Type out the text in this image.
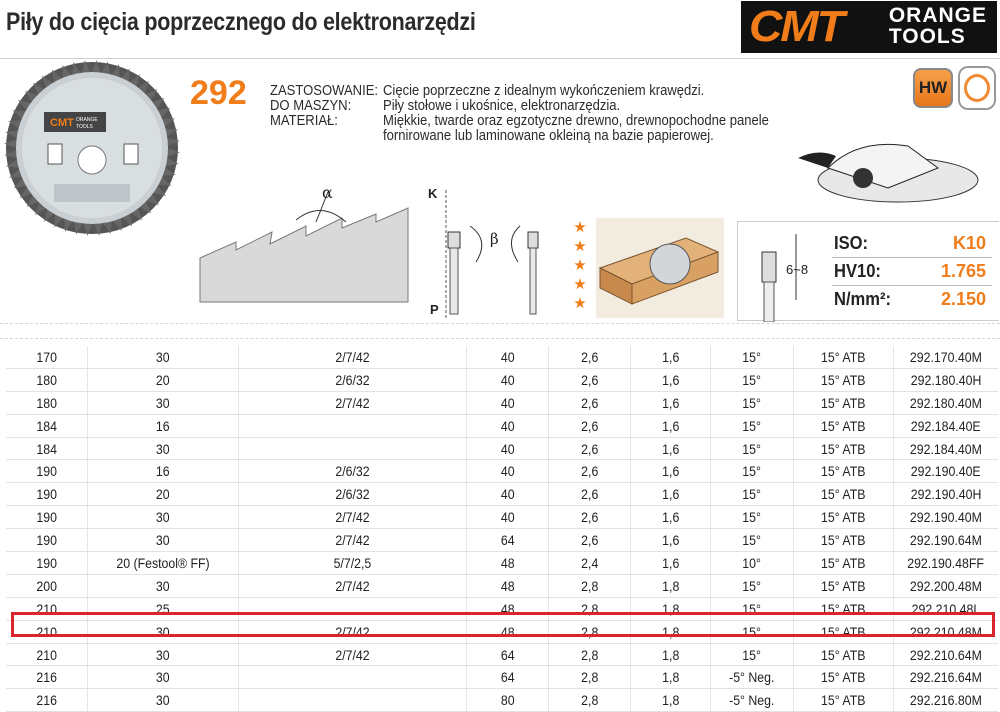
Piły do cięcia poprzecznego do elektronarzędzi	CMT ORANGE
TOOLS
CMT ORANGE
TOOLS
292 ZASTOSOWANIE: Cięcie poprzeczne z idealnym wykończeniem krawędzi.
DO MASZYN: Piły stołowe i ukośnice, elektronarzędzia.
MATERIAŁ:	Miękkie, twarde oraz egzotyczne drewno, drewnopochodne panele
fornirowane lub laminowane okleiną na bazie papierowej.
HW
α	K
P
β
★
★
★
★
★
6~8
ISO:	K10
HV10:	1.765
N/mm²:	2.150
170	30	2/7/42	40	2,6	1,6	15°	15° ATB	292.170.40M
180	20	2/6/32	40	2,6	1,6	15°	15° ATB	292.180.40H
180	30	2/7/42	40	2,6	1,6	15°	15° ATB	292.180.40M
184	16		40	2,6	1,6	15°	15° ATB	292.184.40E
184	30		40	2,6	1,6	15°	15° ATB	292.184.40M
190	16	2/6/32	40	2,6	1,6	15°	15° ATB	292.190.40E
190	20	2/6/32	40	2,6	1,6	15°	15° ATB	292.190.40H
190	30	2/7/42	40	2,6	1,6	15°	15° ATB	292.190.40M
190	30	2/7/42	64	2,6	1,6	15°	15° ATB	292.190.64M
190	20 (Festool® FF)	5/7/2,5	48	2,4	1,6	10°	15° ATB	292.190.48FF
200	30	2/7/42	48	2,8	1,8	15°	15° ATB	292.200.48M
210	25		48	2,8	1,8	15°	15° ATB	292.210.48L
210	30	2/7/42	48	2,8	1,8	15°	15° ATB	292.210.48M
210	30	2/7/42	64	2,8	1,8	15°	15° ATB	292.210.64M
216	30		64	2,8	1,8	-5° Neg.	15° ATB	292.216.64M
216	30		80	2,8	1,8	-5° Neg.	15° ATB	292.216.80M
